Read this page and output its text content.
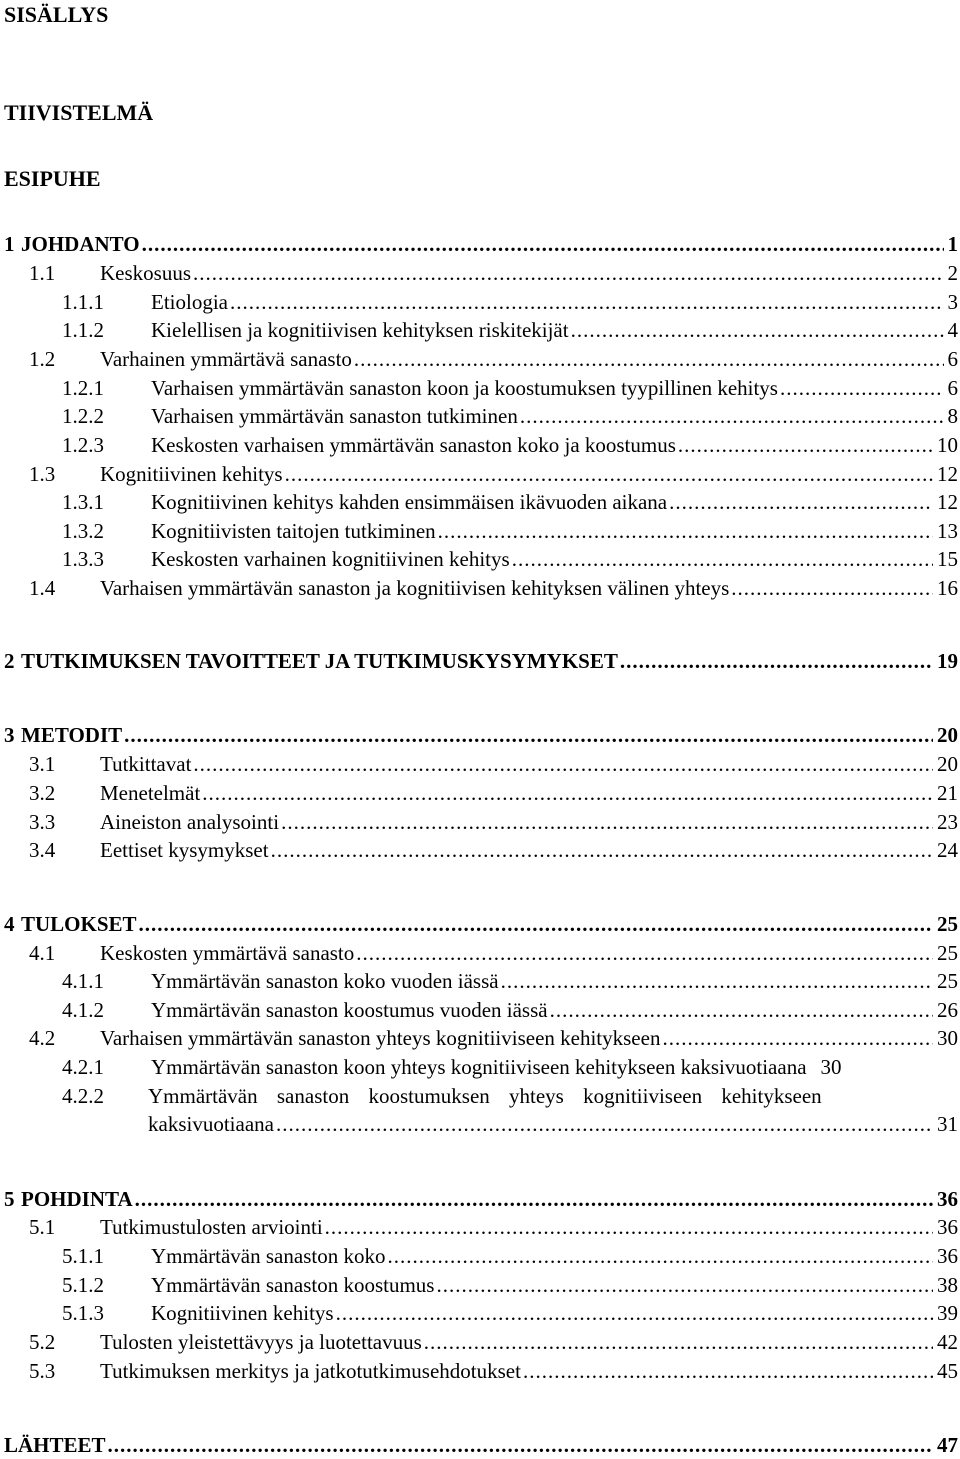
SISÄLLYS
TIIVISTELMÄ
ESIPUHE
1 JOHDANTO .....	1
1.1 Keskosuus .....	2
1.1.1 Etiologia .....	3
1.1.2 Kielellisen ja kognitiivisen kehityksen riskitekijät .....	4
1.2 Varhainen ymmärtävä sanasto .....	6
1.2.1 Varhaisen ymmärtävän sanaston koon ja koostumuksen tyypillinen kehitys .....	6
1.2.2 Varhaisen ymmärtävän sanaston tutkiminen .....	8
1.2.3 Keskosten varhaisen ymmärtävän sanaston koko ja koostumus .....	10
1.3 Kognitiivinen kehitys .....	12
1.3.1 Kognitiivinen kehitys kahden ensimmäisen ikävuoden aikana .....	12
1.3.2 Kognitiivisten taitojen tutkiminen .....	13
1.3.3 Keskosten varhainen kognitiivinen kehitys .....	15
1.4 Varhaisen ymmärtävän sanaston ja kognitiivisen kehityksen välinen yhteys .....	16
2 TUTKIMUKSEN TAVOITTEET JA TUTKIMUSKYSYMYKSET .....	19
3 METODIT .....	20
3.1 Tutkittavat .....	20
3.2 Menetelmät .....	21
3.3 Aineiston analysointi .....	23
3.4 Eettiset kysymykset .....	24
4 TULOKSET .....	25
4.1 Keskosten ymmärtävä sanasto .....	25
4.1.1 Ymmärtävän sanaston koko vuoden iässä .....	25
4.1.2 Ymmärtävän sanaston koostumus vuoden iässä .....	26
4.2 Varhaisen ymmärtävän sanaston yhteys kognitiiviseen kehitykseen .....	30
4.2.1 Ymmärtävän sanaston koon yhteys kognitiiviseen kehitykseen kaksivuotiaana 30
4.2.2 Ymmärtävän sanaston koostumuksen yhteys kognitiiviseen kehitykseen
kaksivuotiaana .....	31
5 POHDINTA .....	36
5.1 Tutkimustulosten arviointi .....	36
5.1.1 Ymmärtävän sanaston koko .....	36
5.1.2 Ymmärtävän sanaston koostumus .....	38
5.1.3 Kognitiivinen kehitys .....	39
5.2 Tulosten yleistettävyys ja luotettavuus .....	42
5.3 Tutkimuksen merkitys ja jatkotutkimusehdotukset .....	45
LÄHTEET .....	47
